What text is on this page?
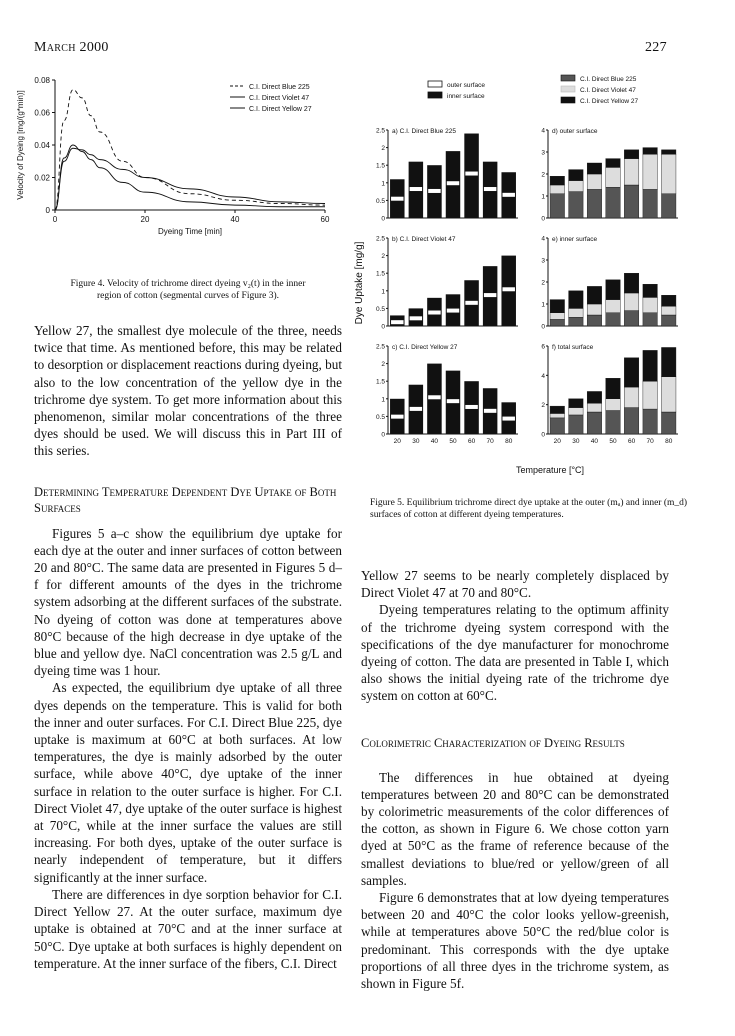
March 2000	227
0
0.02
0.04
0.06
0.08
0	20	40	60
Dyeing Time [min]
Velocity of Dyeing [mg/(g*min)]
C.I. Direct Blue 225
C.I. Direct Violet 47
C.I. Direct Yellow 27
Figure 4. Velocity of trichrome direct dyeing v₂(t) in the inner region of cotton (segmental curves of Figure 3).
outer surface
inner surface
C.I. Direct Blue 225
C.I. Direct Violet 47
C.I. Direct Yellow 27
Dye Uptake [mg/g]
0
0.5
1
1.5
2
2.5 a) C.I. Direct Blue 225
0
0.5
1
1.5
2
2.5 b) C.I. Direct Violet 47
0
0.5
1
1.5
2
2.5 c) C.I. Direct Yellow 27
20 30 40 50 60 70 80
0
1
2
3
4 d) outer surface
0
1
2
3
4 e) inner surface
0
2
4
6 f) total surface
20 30 40 50 60 70 80
Temperature [°C]
Figure 5. Equilibrium trichrome direct dye uptake at the outer (mₐ) and inner (m_d) surfaces of cotton at different dyeing temperatures.

Yellow 27, the smallest dye molecule of the three, needs twice that time. As mentioned before, this may be related to desorption or displacement reactions during dyeing, but also to the low concentration of the yellow dye in the trichrome dye system. To get more information about this phenomenon, similar molar concentrations of the three dyes should be used. We will discuss this in Part III of this series.

Determining Temperature Dependent Dye Uptake of Both Surfaces

Figures 5 a–c show the equilibrium dye uptake for each dye at the outer and inner surfaces of cotton between 20 and 80°C. The same data are presented in Figures 5 d–f for different amounts of the dyes in the trichrome system adsorbing at the different surfaces of the substrate. No dyeing of cotton was done at temperatures above 80°C because of the high decrease in dye uptake of the blue and yellow dye. NaCl concentration was 2.5 g/L and dyeing time was 1 hour.

As expected, the equilibrium dye uptake of all three dyes depends on the temperature. This is valid for both the inner and outer surfaces. For C.I. Direct Blue 225, dye uptake is maximum at 60°C at both surfaces. At low temperatures, the dye is mainly adsorbed by the outer surface, while above 40°C, dye uptake of the inner surface in relation to the outer surface is higher. For C.I. Direct Violet 47, dye uptake of the outer surface is highest at 70°C, while at the inner surface the values are still increasing. For both dyes, uptake of the outer surface is nearly independent of temperature, but it differs significantly at the inner surface.

There are differences in dye sorption behavior for C.I. Direct Yellow 27. At the outer surface, maximum dye uptake is obtained at 70°C and at the inner surface at 50°C. Dye uptake at both surfaces is highly dependent on temperature. At the inner surface of the fibers, C.I. Direct

Yellow 27 seems to be nearly completely displaced by Direct Violet 47 at 70 and 80°C.

Dyeing temperatures relating to the optimum affinity of the trichrome dyeing system correspond with the specifications of the dye manufacturer for monochrome dyeing of cotton. The data are presented in Table I, which also shows the initial dyeing rate of the trichrome dye system on cotton at 60°C.

Colorimetric Characterization of Dyeing Results

The differences in hue obtained at dyeing temperatures between 20 and 80°C can be demonstrated by colorimetric measurements of the color differences of the cotton, as shown in Figure 6. We chose cotton yarn dyed at 50°C as the frame of reference because of the smallest deviations to blue/red or yellow/green of all samples.

Figure 6 demonstrates that at low dyeing temperatures between 20 and 40°C the color looks yellow-greenish, while at temperatures above 50°C the red/blue color is predominant. This corresponds with the dye uptake proportions of all three dyes in the trichrome system, as shown in Figure 5f.
